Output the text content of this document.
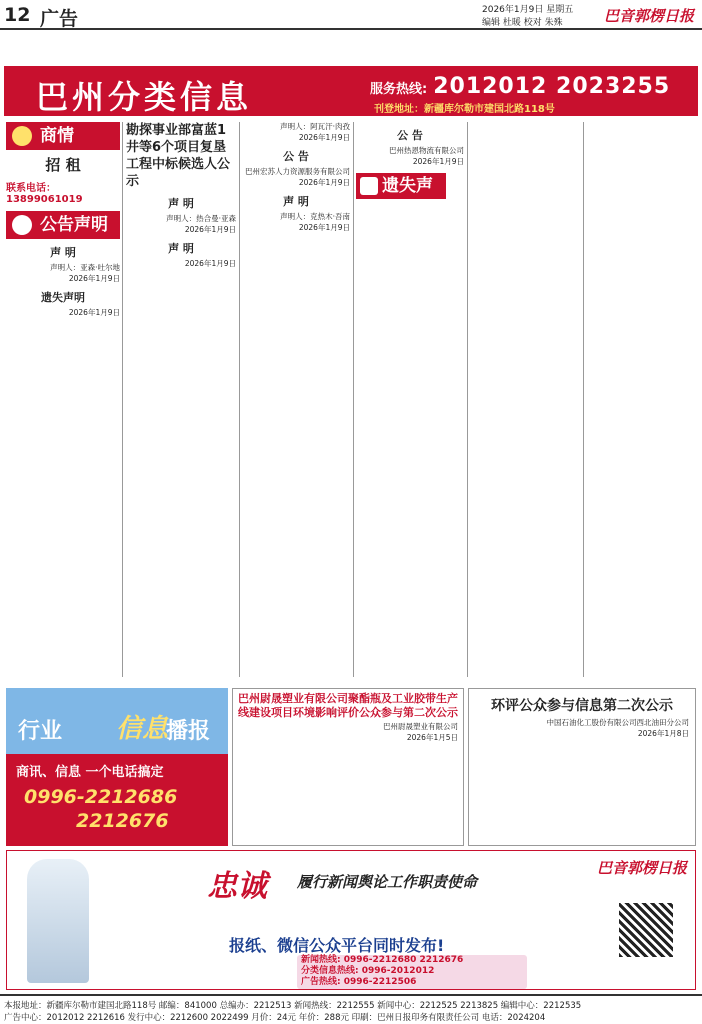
12 广告	2026年1月9日 星期五
编辑 杜暖 校对 朱殊	巴音郭楞日报
巴州分类信息	服务热线: 2012012 2023255
刊登地址：新疆库尔勒市建国北路118号
商情
招 租
联系电话：13899061019
公告声明
声 明
声明人：亚森·吐尔地
2026年1月9日
遗失声明
2026年1月9日
勘探事业部富蓝1井等6个项目复垦工程中标候选人公示
声 明
声明人：热合曼·亚森
2026年1月9日
声 明
2026年1月9日
声明人：阿瓦汗·肉孜
2026年1月9日
公 告
巴州宏苏人力资源服务有限公司
2026年1月9日
声 明
声明人：克热木·吾南
2026年1月9日
公 告
巴州热恩物流有限公司
2026年1月9日
遗失声明
行业 信息
播报
商讯、信息 一个电话搞定
0996-2212686
2212676
巴州尉晟塑业有限公司聚酯瓶及工业胶带生产线建设项目环境影响评价公众参与第二次公示
巴州尉晟塑业有限公司
2026年1月5日
环评公众参与信息第二次公示
中国石油化工股份有限公司西北油田分公司
2026年1月8日
忠诚 履行新闻舆论工作职责使命
巴音郭楞日报
报纸、微信公众平台同时发布!
新闻热线: 0996-2212680 2212676
分类信息热线: 0996-2012012
广告热线: 0996-2212506
本报地址：新疆库尔勒市建国北路118号 邮编：841000 总编办：2212513 新闻热线：2212555 新闻中心：2212525 2213825 编辑中心：2212535
广告中心：2012012 2212616 发行中心：2212600 2022499 月价：24元 年价：288元 印刷：巴州日报印务有限责任公司 电话：2024204
